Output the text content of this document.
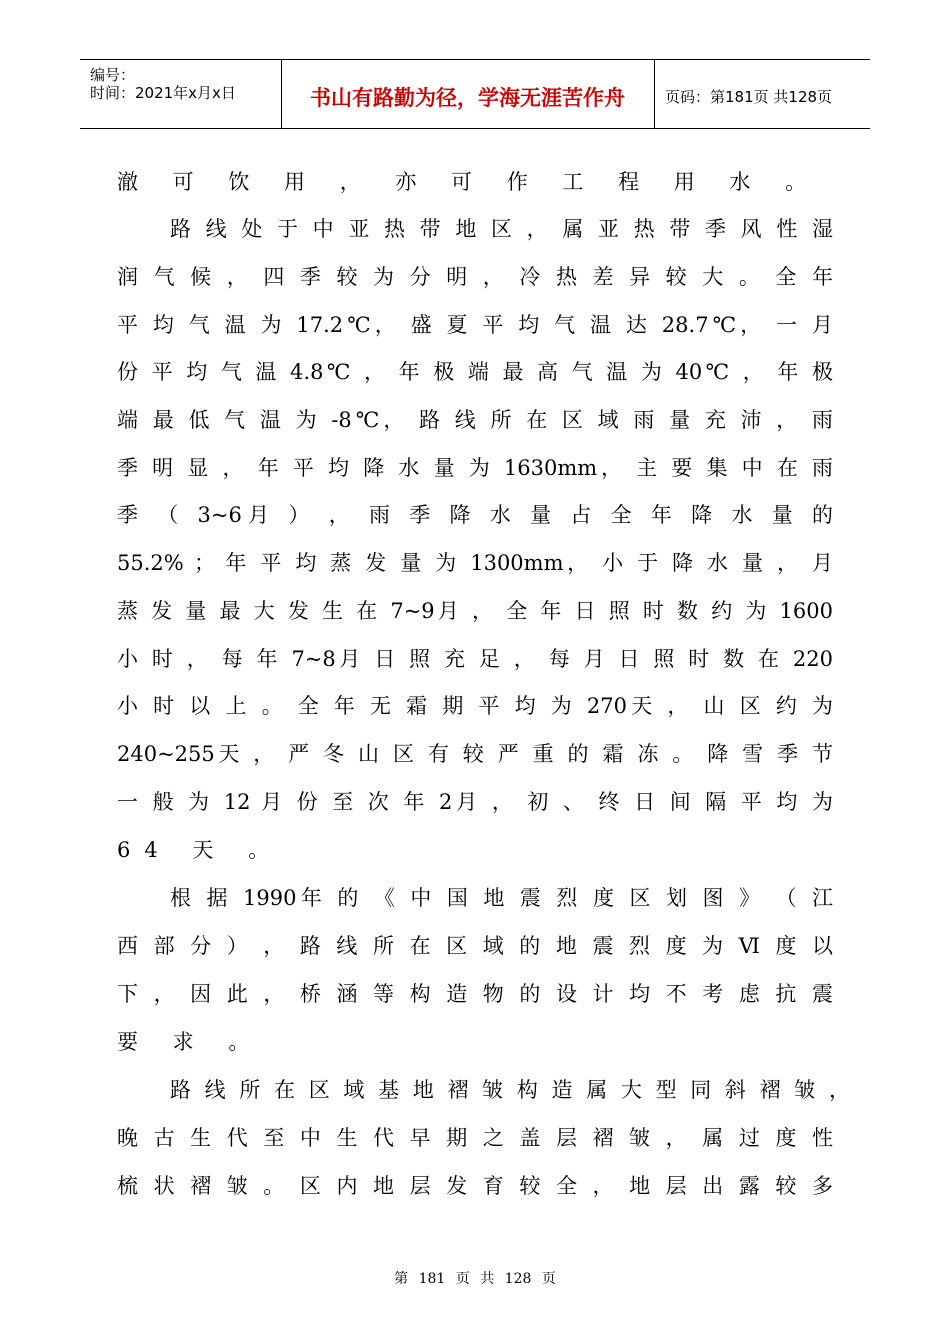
编号：
时间：2021年x月x日	书山有路勤为径，学海无涯苦作舟	页码：第181页 共128页
澈 可 饮 用 ， 亦 可 作 工 程 用 水 。
路 线 处 于 中 亚 热 带 地 区 ， 属 亚 热 带 季 风 性 湿
润 气 候 ， 四 季 较 为 分 明 ， 冷 热 差 异 较 大 。 全 年
平 均 气 温 为 17.2℃， 盛 夏 平 均 气 温 达 28.7℃， 一 月
份 平 均 气 温 4.8℃ ， 年 极 端 最 高 气 温 为 40℃ ， 年 极
端 最 低 气 温 为 -8℃， 路 线 所 在 区 域 雨 量 充 沛 ， 雨
季 明 显 ， 年 平 均 降 水 量 为 1630mm， 主 要 集 中 在 雨
季 （ 3~6月 ） ， 雨 季 降 水 量 占 全 年 降 水 量 的
55.2% ； 年 平 均 蒸 发 量 为 1300mm， 小 于 降 水 量 ， 月
蒸 发 量 最 大 发 生 在 7~9月 ， 全 年 日 照 时 数 约 为 1600
小 时 ， 每 年 7~8月 日 照 充 足 ， 每 月 日 照 时 数 在 220
小 时 以 上 。 全 年 无 霜 期 平 均 为 270天 ， 山 区 约 为
240~255天 ， 严 冬 山 区 有 较 严 重 的 霜 冻 。 降 雪 季 节
一 般 为 12 月 份 至 次 年 2月 ， 初 、 终 日 间 隔 平 均 为
64 天 。
根 据 1990年 的 《 中 国 地 震 烈 度 区 划 图 》 （ 江
西 部 分 ） ， 路 线 所 在 区 域 的 地 震 烈 度 为 Ⅵ 度 以
下 ， 因 此 ， 桥 涵 等 构 造 物 的 设 计 均 不 考 虑 抗 震
要 求 。
路 线 所 在 区 域 基 地 褶 皱 构 造 属 大 型 同 斜 褶 皱 ，
晚 古 生 代 至 中 生 代 早 期 之 盖 层 褶 皱 ， 属 过 度 性
梳 状 褶 皱 。 区 内 地 层 发 育 较 全 ， 地 层 出 露 较 多
第 181 页 共 128 页
